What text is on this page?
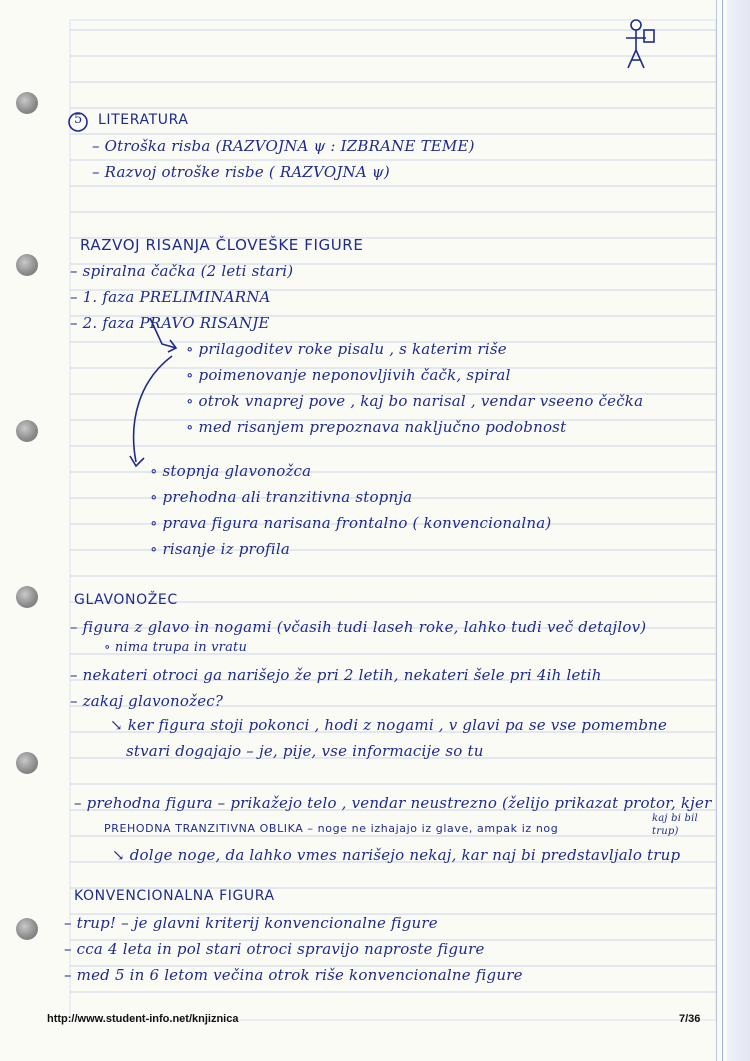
5 LITERATURA
– Otroška risba (RAZVOJNA ψ : IZBRANE TEME)
– Razvoj otroške risbe ( RAZVOJNA ψ)
RAZVOJ RISANJA ČLOVEŠKE FIGURE
– spiralna čačka (2 leti stari)
– 1. faza PRELIMINARNA
– 2. faza PRAVO RISANJE
∘ prilagoditev roke pisalu , s katerim riše
∘ poimenovanje neponovljivih čačk, spiral
∘ otrok vnaprej pove , kaj bo narisal , vendar vseeno čečka
∘ med risanjem prepoznava naključno podobnost
∘ stopnja glavonožca
∘ prehodna ali tranzitivna stopnja
∘ prava figura narisana frontalno ( konvencionalna)
∘ risanje iz profila
GLAVONOŽEC
– figura z glavo in nogami (včasih tudi laseh roke, lahko tudi več detajlov)
∘ nima trupa in vratu
– nekateri otroci ga narišejo že pri 2 letih, nekateri šele pri 4ih letih
– zakaj glavonožec?
↘ ker figura stoji pokonci , hodi z nogami , v glavi pa se vse pomembne
stvari dogajajo – je, pije, vse informacije so tu
– prehodna figura – prikažejo telo , vendar neustrezno (želijo prikazat protor, kjer
PREHODNA TRANZITIVNA OBLIKA – noge ne izhajajo iz glave, ampak iz nog
↘ dolge noge, da lahko vmes narišejo nekaj, kar naj bi predstavljalo trup
kaj bi bil trup)
KONVENCIONALNA FIGURA
– trup! – je glavni kriterij konvencionalne figure
– cca 4 leta in pol stari otroci spravijo naproste figure
– med 5 in 6 letom večina otrok riše konvencionalne figure
http://www.student-info.net/knjiznica	7/36
